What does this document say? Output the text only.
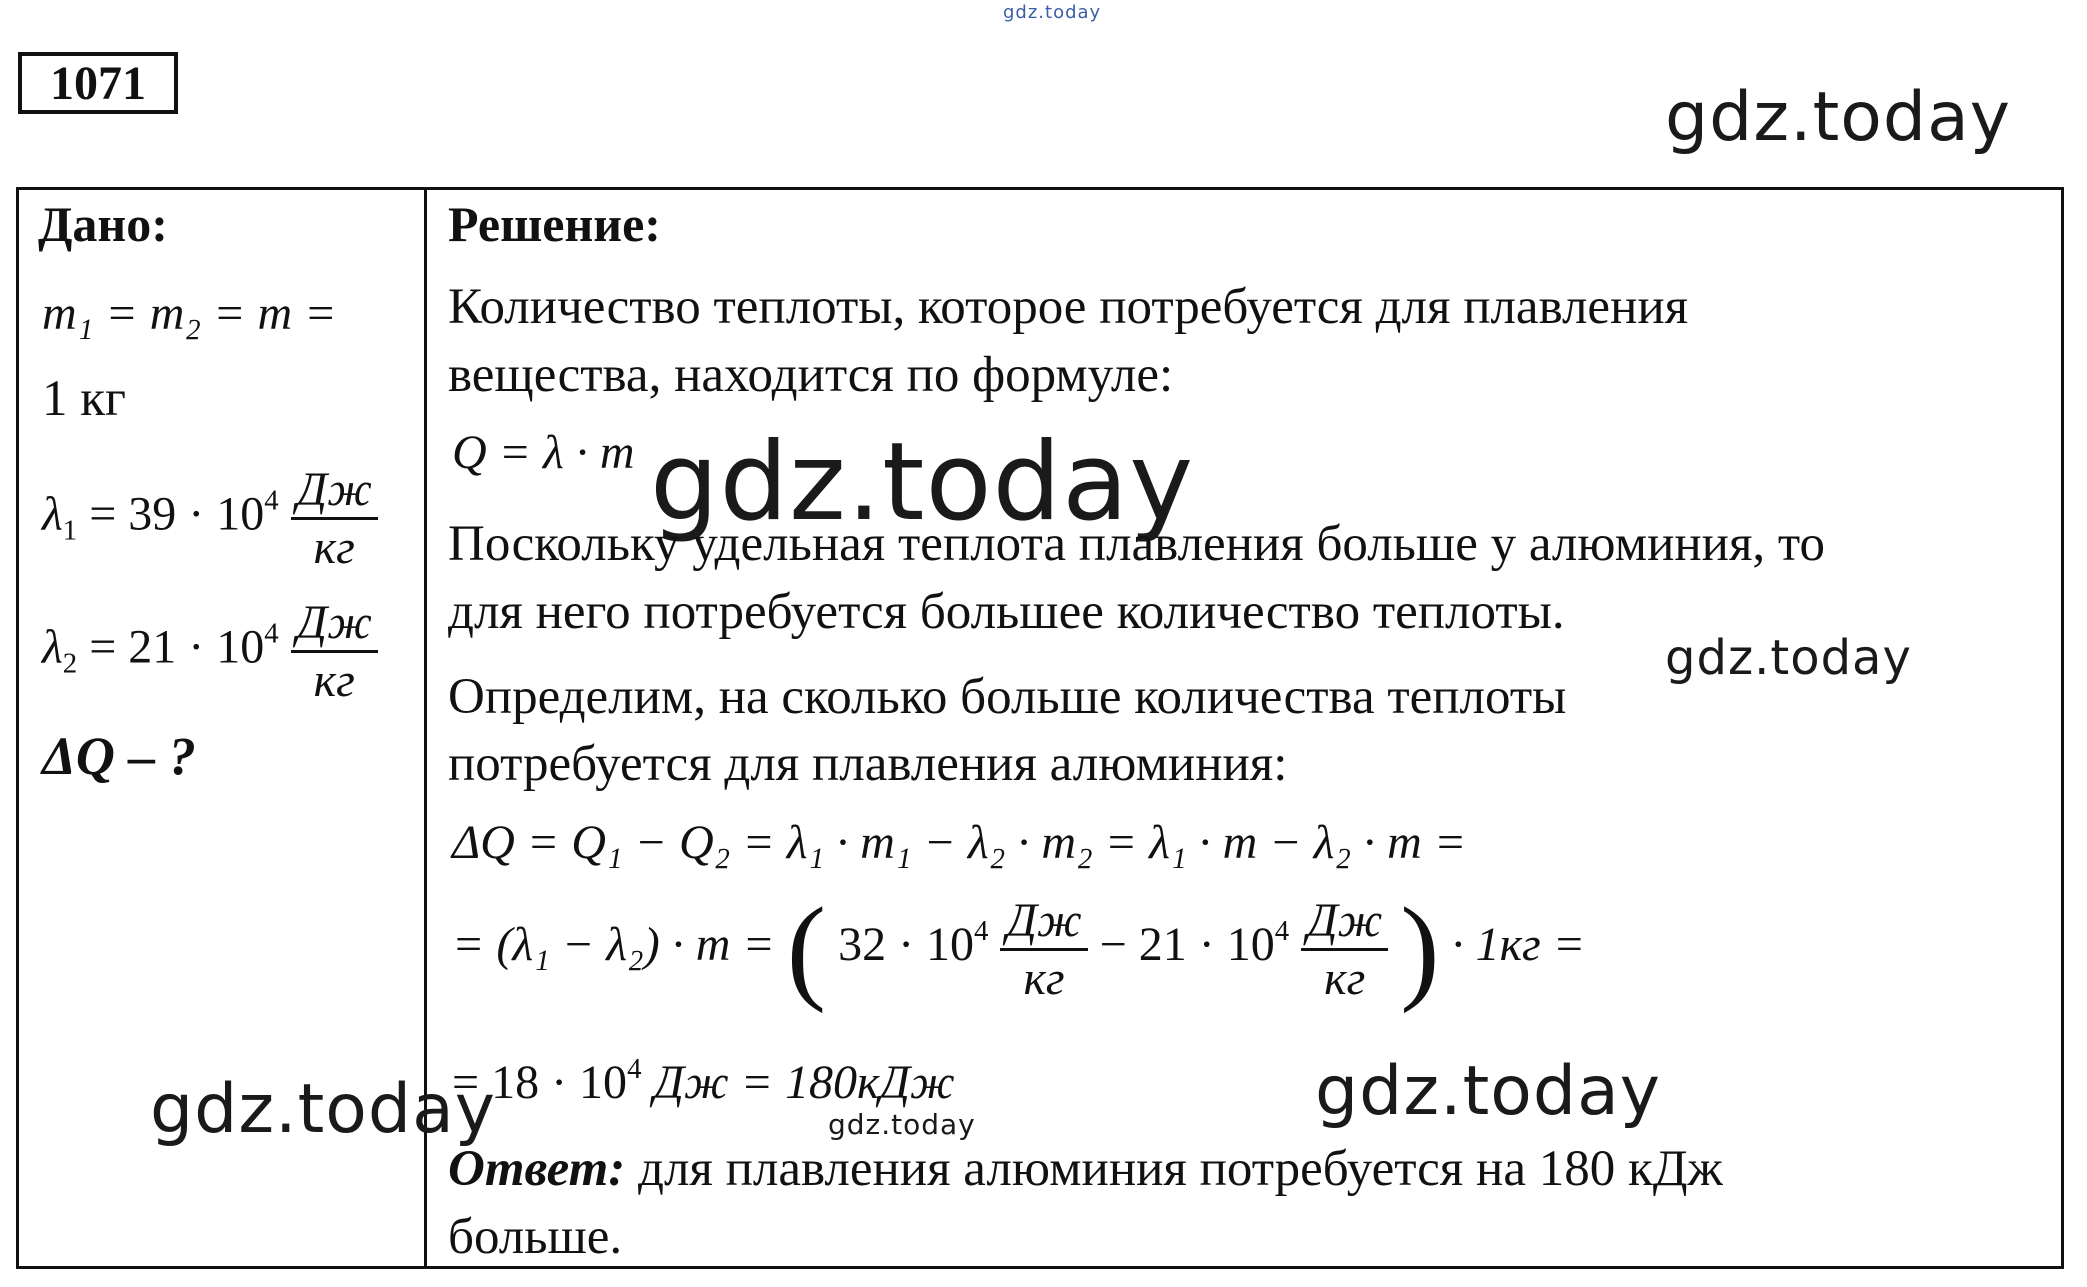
gdz.today
gdz.today
1071
Дано:
m₁ = m₂ = m =
1 кг
$\lambda_1 = 39 \cdot 10^4 \frac{Дж}{кг}$
$\lambda_2 = 21 \cdot 10^4 \frac{Дж}{кг}$
ΔQ – ?
Решение:
Количество теплоты, которое потребуется для плавления
вещества, находится по формуле:
Q = λ · m gdz.today
Поскольку удельная теплота плавления больше у алюминия, то
для него потребуется большее количество теплоты.
gdz.today
Определим, на сколько больше количества теплоты
потребуется для плавления алюминия:
ΔQ = Q₁ − Q₂ = λ₁ · m₁ − λ₂ · m₂ = λ₁ · m − λ₂ · m =
= (λ₁ − λ₂) · m = ( $32 \cdot 10^4 \frac{Дж}{кг} - 21 \cdot 10^4 \frac{Дж}{кг}$ ) · 1кг =
= $18 \cdot 10^4$ Дж = 180кДж
gdz.today	gdz.today
gdz.today
Ответ: для плавления алюминия потребуется на 180 кДж
больше.
